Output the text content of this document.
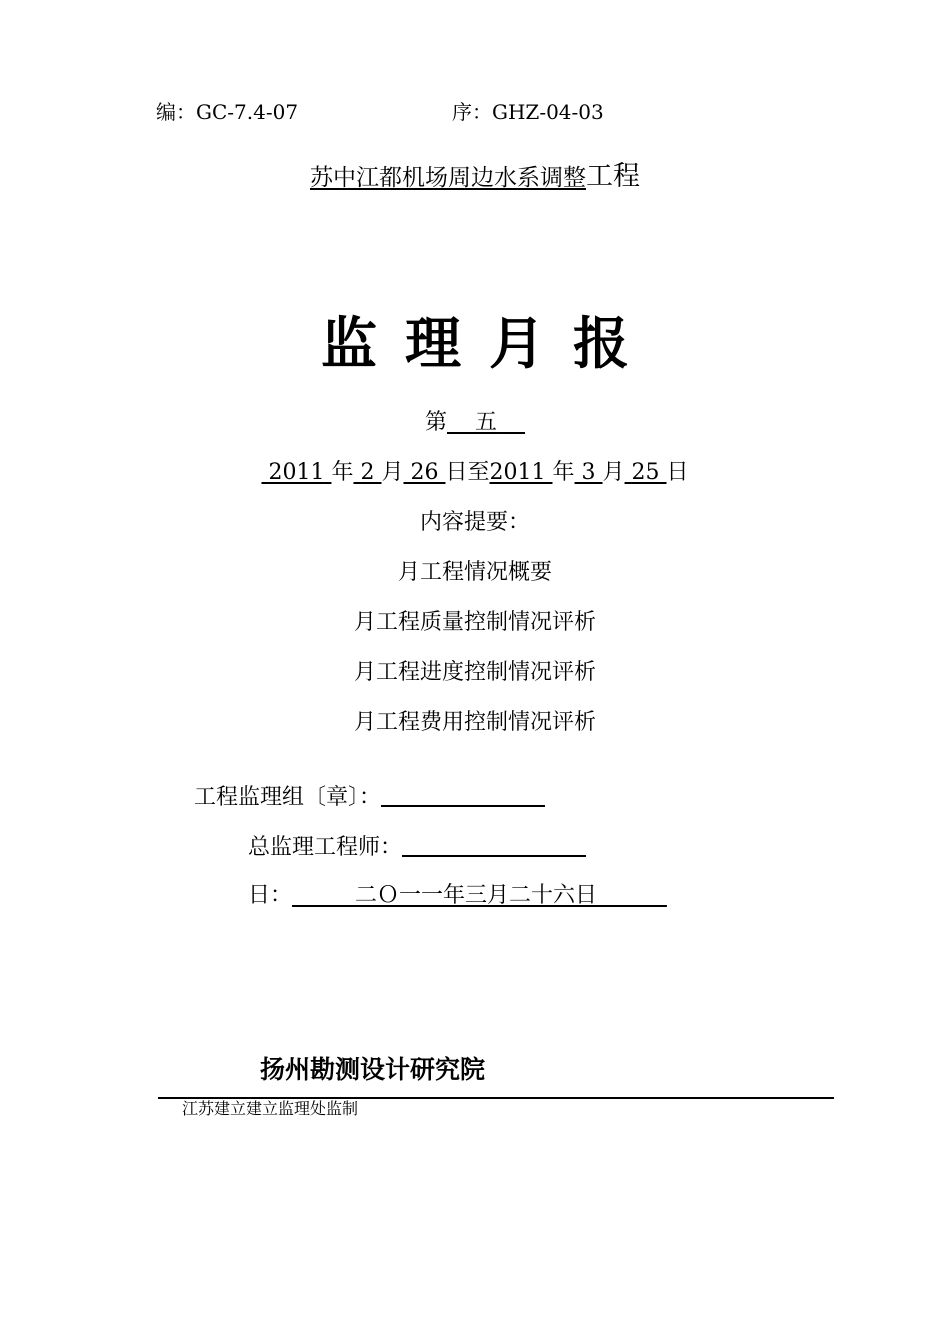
编：GC-7.4-07	序：GHZ-04-03
苏中江都机场周边水系调整工程
监理月报
第 五
2011 年 2 月 26 日至2011 年 3 月 25 日
内容提要：
月工程情况概要
月工程质量控制情况评析
月工程进度控制情况评析
月工程费用控制情况评析
工程监理组〔章〕：
总监理工程师：
日：	二Ｏ一一年三月二十六日
扬州勘测设计研究院
江苏建立建立监理处监制
